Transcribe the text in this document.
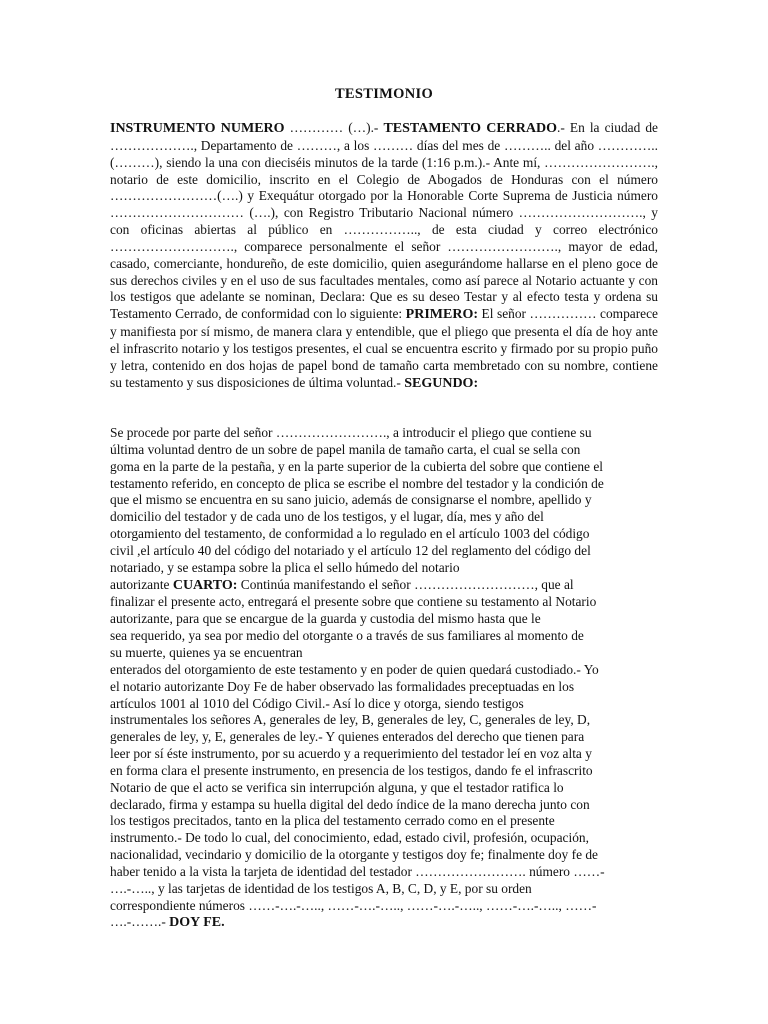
TESTIMONIO
INSTRUMENTO NUMERO ………… (…).- TESTAMENTO CERRADO.- En la ciudad de ………………., Departamento de ………, a los ……… días del mes de ……….. del año ………….. (………), siendo la una con dieciséis minutos de la tarde (1:16 p.m.).- Ante mí, ……………………., notario de este domicilio, inscrito en el Colegio de Abogados de Honduras con el número ……………………(….) y Exequátur otorgado por la Honorable Corte Suprema de Justicia número ………………………… (….), con Registro Tributario Nacional número ………………………., y con oficinas abiertas al público en …………….., de esta ciudad y correo electrónico ………………………., comparece personalmente el señor ……………………., mayor de edad, casado, comerciante, hondureño, de este domicilio, quien asegurándome hallarse en el pleno goce de sus derechos civiles y en el uso de sus facultades mentales, como así parece al Notario actuante y con los testigos que adelante se nominan, Declara: Que es su deseo Testar y al efecto testa y ordena su Testamento Cerrado, de conformidad con lo siguiente: PRIMERO: El señor …………… comparece y manifiesta por sí mismo, de manera clara y entendible, que el pliego que presenta el día de hoy ante el infrascrito notario y los testigos presentes, el cual se encuentra escrito y firmado por su propio puño y letra, contenido en dos hojas de papel bond de tamaño carta membretado con su nombre, contiene su testamento y sus disposiciones de última voluntad.- SEGUNDO:
Se procede por parte del señor ……………………., a introducir el pliego que contiene su
última voluntad dentro de un sobre de papel manila de tamaño carta, el cual se sella con
goma en la parte de la pestaña, y en la parte superior de la cubierta del sobre que contiene el
testamento referido, en concepto de plica se escribe el nombre del testador y la condición de
que el mismo se encuentra en su sano juicio, además de consignarse el nombre, apellido y
domicilio del testador y de cada uno de los testigos, y el lugar, día, mes y año del
otorgamiento del testamento, de conformidad a lo regulado en el artículo 1003 del código
civil ,el artículo 40 del código del notariado y el artículo 12 del reglamento del código del
notariado, y se estampa sobre la plica el sello húmedo del notario
autorizante CUARTO: Continúa manifestando el señor ………………………, que al
finalizar el presente acto, entregará el presente sobre que contiene su testamento al Notario
autorizante, para que se encargue de la guarda y custodia del mismo hasta que le
sea requerido, ya sea por medio del otorgante o a través de sus familiares al momento de
su muerte, quienes ya se encuentran
enterados del otorgamiento de este testamento y en poder de quien quedará custodiado.- Yo
el notario autorizante Doy Fe de haber observado las formalidades preceptuadas en los
artículos 1001 al 1010 del Código Civil.- Así lo dice y otorga, siendo testigos
instrumentales los señores A, generales de ley, B, generales de ley, C, generales de ley, D,
generales de ley, y, E, generales de ley.- Y quienes enterados del derecho que tienen para
leer por sí éste instrumento, por su acuerdo y a requerimiento del testador leí en voz alta y
en forma clara el presente instrumento, en presencia de los testigos, dando fe el infrascrito
Notario de que el acto se verifica sin interrupción alguna, y que el testador ratifica lo
declarado, firma y estampa su huella digital del dedo índice de la mano derecha junto con
los testigos precitados, tanto en la plica del testamento cerrado como en el presente
instrumento.- De todo lo cual, del conocimiento, edad, estado civil, profesión, ocupación,
nacionalidad, vecindario y domicilio de la otorgante y testigos doy fe; finalmente doy fe de
haber tenido a la vista la tarjeta de identidad del testador ……………………. número ……-
….-….., y las tarjetas de identidad de los testigos A, B, C, D, y E, por su orden
correspondiente números ……-….-….., ……-….-….., ……-….-….., ……-….-….., ……-
….-…….- DOY FE.
